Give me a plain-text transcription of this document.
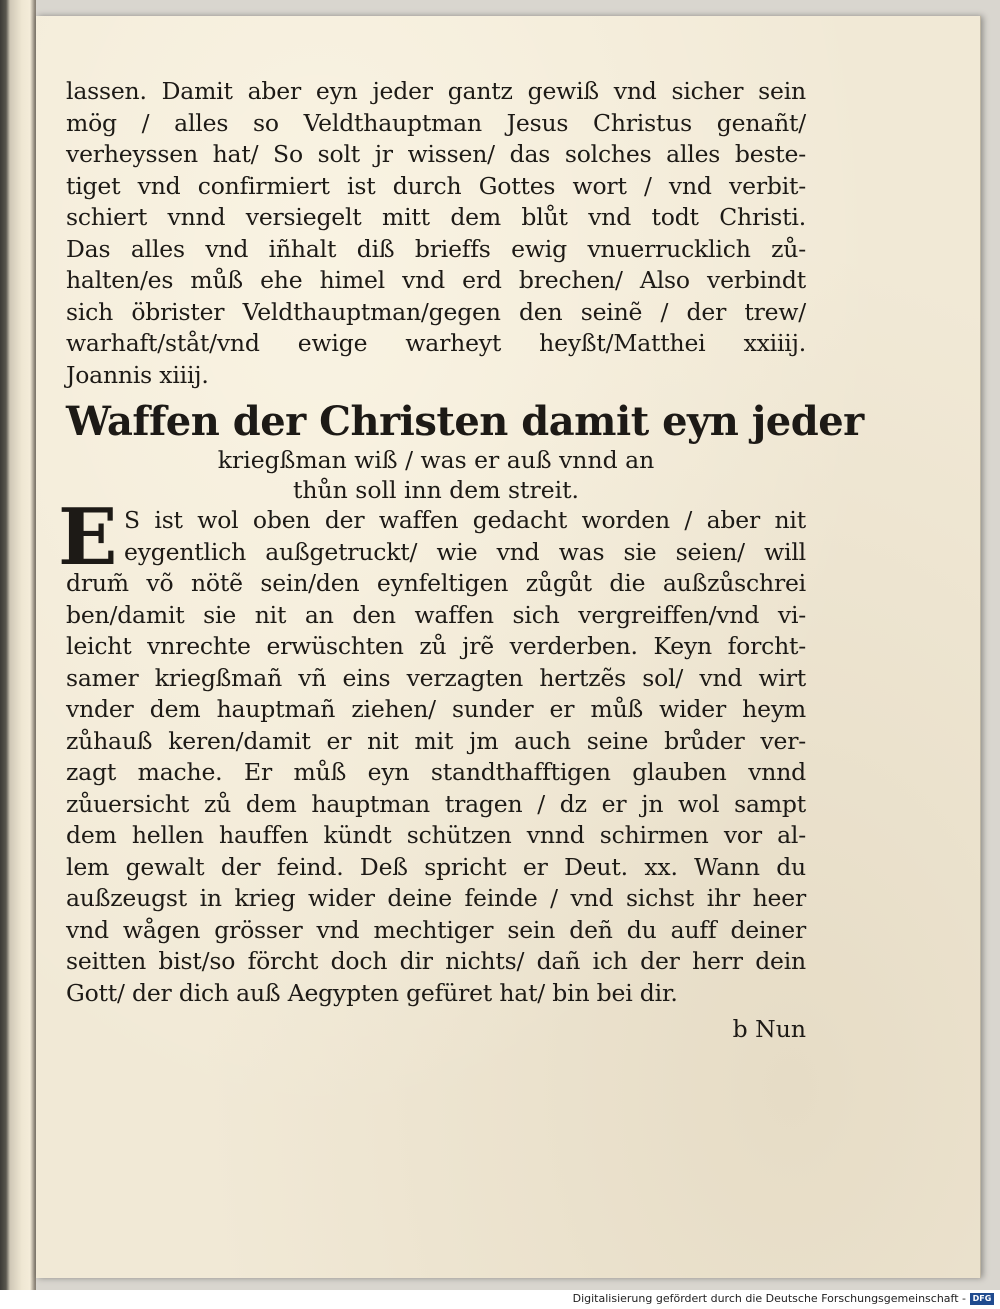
lassen. Damit aber eyn jeder gantz gewiß vnd sicher sein
mög / alles so Veldthauptman Jesus Christus genañt/
verheyssen hat/ So solt jr wissen/ das solches alles beste-
tiget vnd confirmiert ist durch Gottes wort / vnd verbit-
schiert vnnd versiegelt mitt dem blůt vnd todt Christi.
Das alles vnd iñhalt diß brieffs ewig vnuerrucklich zů-
halten/es můß ehe himel vnd erd brechen/ Also verbindt
sich öbrister Veldthauptman/gegen den seinẽ / der trew/
warhaft/ståt/vnd ewige warheyt heyßt/Matthei xxiiij.
Joannis xiiij.
Waffen der Christen damit eyn jeder
kriegßman wiß / was er auß vnnd an
thůn soll inn dem streit.
E S ist wol oben der waffen gedacht worden / aber nit
eygentlich außgetruckt/ wie vnd was sie seien/ will
drum̃ võ nötẽ sein/den eynfeltigen zůgůt die außzůschrei
ben/damit sie nit an den waffen sich vergreiffen/vnd vi-
leicht vnrechte erwüschten zů jrẽ verderben. Keyn forcht-
samer kriegßmañ vñ eins verzagten hertzẽs sol/ vnd wirt
vnder dem hauptmañ ziehen/ sunder er můß wider heym
zůhauß keren/damit er nit mit jm auch seine brůder ver-
zagt mache. Er můß eyn standthafftigen glauben vnnd
zůuersicht zů dem hauptman tragen / dz er jn wol sampt
dem hellen hauffen kündt schützen vnnd schirmen vor al-
lem gewalt der feind. Deß spricht er Deut. xx. Wann du
außzeugst in krieg wider deine feinde / vnd sichst ihr heer
vnd wågen grösser vnd mechtiger sein deñ du auff deiner
seitten bist/so förcht doch dir nichts/ dañ ich der herr dein
Gott/ der dich auß Aegypten gefüret hat/ bin bei dir.
b Nun
Digitalisierung gefördert durch die Deutsche Forschungsgemeinschaft - DFG
